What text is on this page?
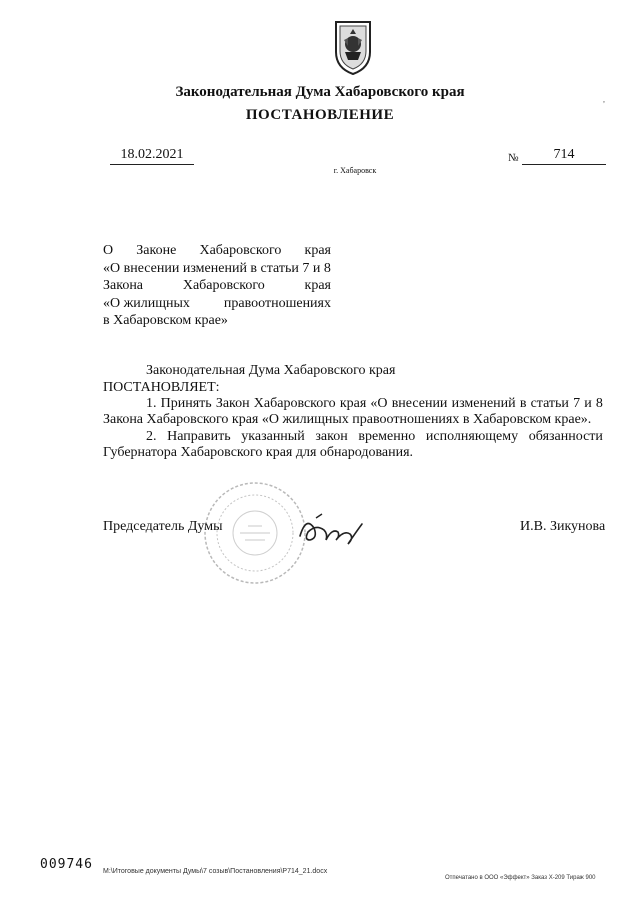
,
Законодательная Дума Хабаровского края
ПОСТАНОВЛЕНИЕ
18.02.2021	№	714
г. Хабаровск
О Законе Хабаровского края
«О внесении изменений в статьи 7 и 8
Закона	Хабаровского	края
«О жилищных правоотношениях
в Хабаровском крае»
Законодательная Дума Хабаровского края
ПОСТАНОВЛЯЕТ:
1. Принять Закон Хабаровского края «О внесении изменений в статьи 7 и 8
Закона Хабаровского края «О жилищных правоотношениях в Хабаровском крае».
2. Направить указанный закон временно исполняющему обязанности
Губернатора Хабаровского края для обнародования.
Председатель Думы	И.В. Зикунова
009746 M:\Итоговые документы Думы\7 созыв\Постановления\Р714_21.docx
Отпечатано в ООО «Эффект» Заказ Х-209 Тираж 900
